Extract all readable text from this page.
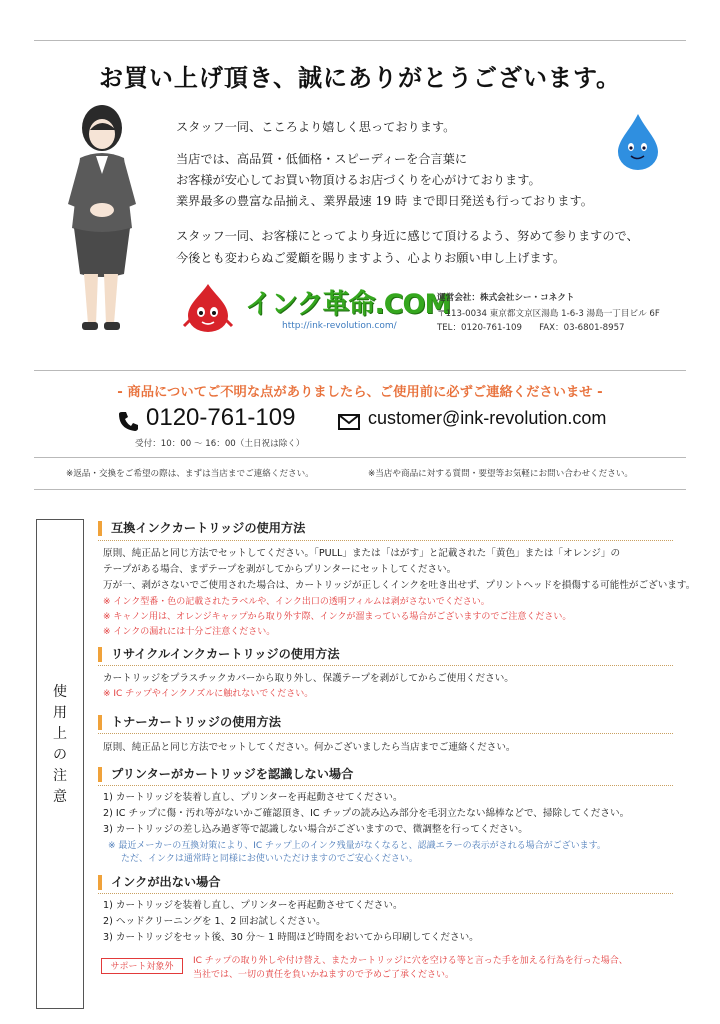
お買い上げ頂き、誠にありがとうございます。
スタッフ一同、こころより嬉しく思っております。
当店では、高品質・低価格・スピーディーを合言葉に
お客様が安心してお買い物頂けるお店づくりを心がけております。
業界最多の豊富な品揃え、業界最速 19 時 まで即日発送も行っております。
スタッフ一同、お客様にとってより身近に感じて頂けるよう、努めて参りますので、
今後とも変わらぬご愛顧を賜りますよう、心よりお願い申し上げます。
インク革命.COM
http://ink-revolution.com/
運営会社：株式会社シー・コネクト
〒113-0034 東京都文京区湯島 1-6-3 湯島一丁目ビル 6F
TEL：0120-761-109　　FAX：03-6801-8957
- 商品についてご不明な点がありましたら、ご使用前に必ずご連絡くださいませ -
0120-761-109
受付：10：00 ～ 16：00（土日祝は除く）
customer@ink-revolution.com
※返品・交換をご希望の際は、まずは当店までご連絡ください。	※当店や商品に対する質問・要望等お気軽にお問い合わせください。
使
用
上
の
注
意
互換インクカートリッジの使用方法
原則、純正品と同じ方法でセットしてください。「PULL」または「はがす」と記載された「黄色」または「オレンジ」の
テープがある場合、まずテープを剥がしてからプリンターにセットしてください。
万が一、剥がさないでご使用された場合は、カートリッジが正しくインクを吐き出せず、プリントヘッドを損傷する可能性がございます。
※ インク型番・色の記載されたラベルや、インク出口の透明フィルムは剥がさないでください。
※ キャノン用は、オレンジキャップから取り外す際、インクが溜まっている場合がございますのでご注意ください。
※ インクの漏れには十分ご注意ください。
リサイクルインクカートリッジの使用方法
カートリッジをプラスチックカバーから取り外し、保護テープを剥がしてからご使用ください。
※ IC チップやインクノズルに触れないでください。
トナーカートリッジの使用方法
原則、純正品と同じ方法でセットしてください。何かございましたら当店までご連絡ください。
プリンターがカートリッジを認識しない場合
1) カートリッジを装着し直し、プリンターを再起動させてください。
2) IC チップに傷・汚れ等がないかご確認頂き、IC チップの読み込み部分を毛羽立たない綿棒などで、掃除してください。
3) カートリッジの差し込み過ぎ等で認識しない場合がございますので、微調整を行ってください。
※ 最近メーカーの互換対策により、IC チップ上のインク残量がなくなると、認識エラーの表示がされる場合がございます。
ただ、インクは通常時と同様にお使いいただけますのでご安心ください。
インクが出ない場合
1) カートリッジを装着し直し、プリンターを再起動させてください。
2) ヘッドクリーニングを 1、2 回お試しください。
3) カートリッジをセット後、30 分～ 1 時間ほど時間をおいてから印刷してください。
サポート対象外
IC チップの取り外しや付け替え、またカートリッジに穴を空ける等と言った手を加える行為を行った場合、
当社では、一切の責任を負いかねますので予めご了承ください。
